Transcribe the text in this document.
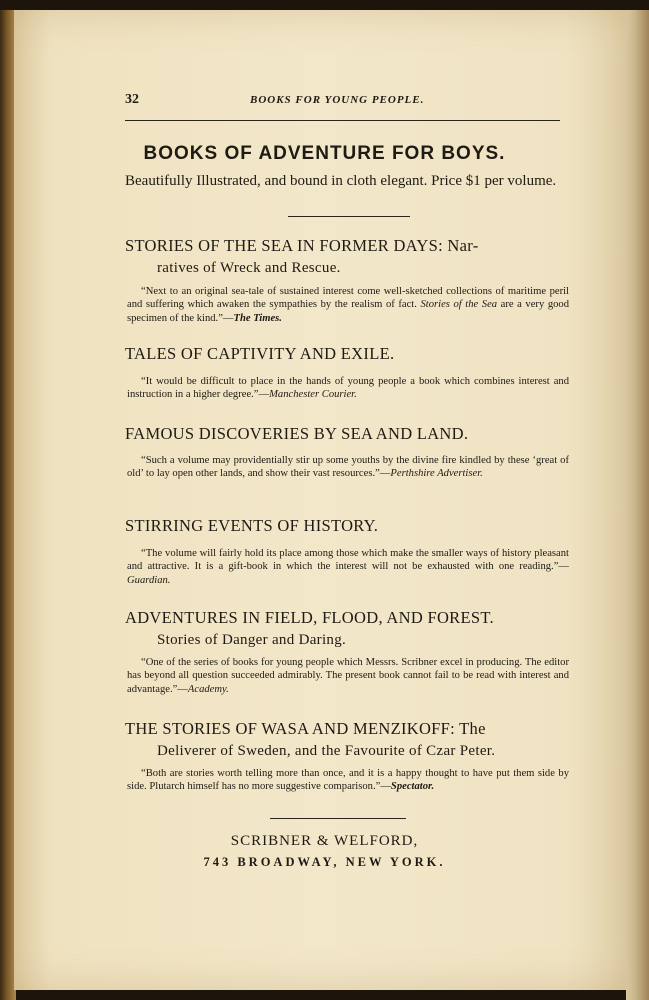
32	BOOKS FOR YOUNG PEOPLE.
BOOKS OF ADVENTURE FOR BOYS.
Beautifully Illustrated, and bound in cloth elegant. Price $1 per volume.
STORIES OF THE SEA IN FORMER DAYS: Nar-
ratives of Wreck and Rescue.
“Next to an original sea-tale of sustained interest come well-sketched collections of maritime peril and suffering which awaken the sympathies by the realism of fact. Stories of the Sea are a very good specimen of the kind.”—The Times.
TALES OF CAPTIVITY AND EXILE.
“It would be difficult to place in the hands of young people a book which combines interest and instruction in a higher degree.”—Manchester Courier.
FAMOUS DISCOVERIES BY SEA AND LAND.
“Such a volume may providentially stir up some youths by the divine fire kindled by these ‘great of old’ to lay open other lands, and show their vast resources.”—Perthshire Advertiser.
STIRRING EVENTS OF HISTORY.
“The volume will fairly hold its place among those which make the smaller ways of history pleasant and attractive. It is a gift-book in which the interest will not be exhausted with one reading.”—Guardian.
ADVENTURES IN FIELD, FLOOD, AND FOREST.
Stories of Danger and Daring.
“One of the series of books for young people which Messrs. Scribner excel in producing. The editor has beyond all question succeeded admirably. The present book cannot fail to be read with interest and advantage.”—Academy.
THE STORIES OF WASA AND MENZIKOFF: The
Deliverer of Sweden, and the Favourite of Czar Peter.
“Both are stories worth telling more than once, and it is a happy thought to have put them side by side. Plutarch himself has no more suggestive comparison.”—Spectator.
SCRIBNER & WELFORD,
743 BROADWAY, NEW YORK.
